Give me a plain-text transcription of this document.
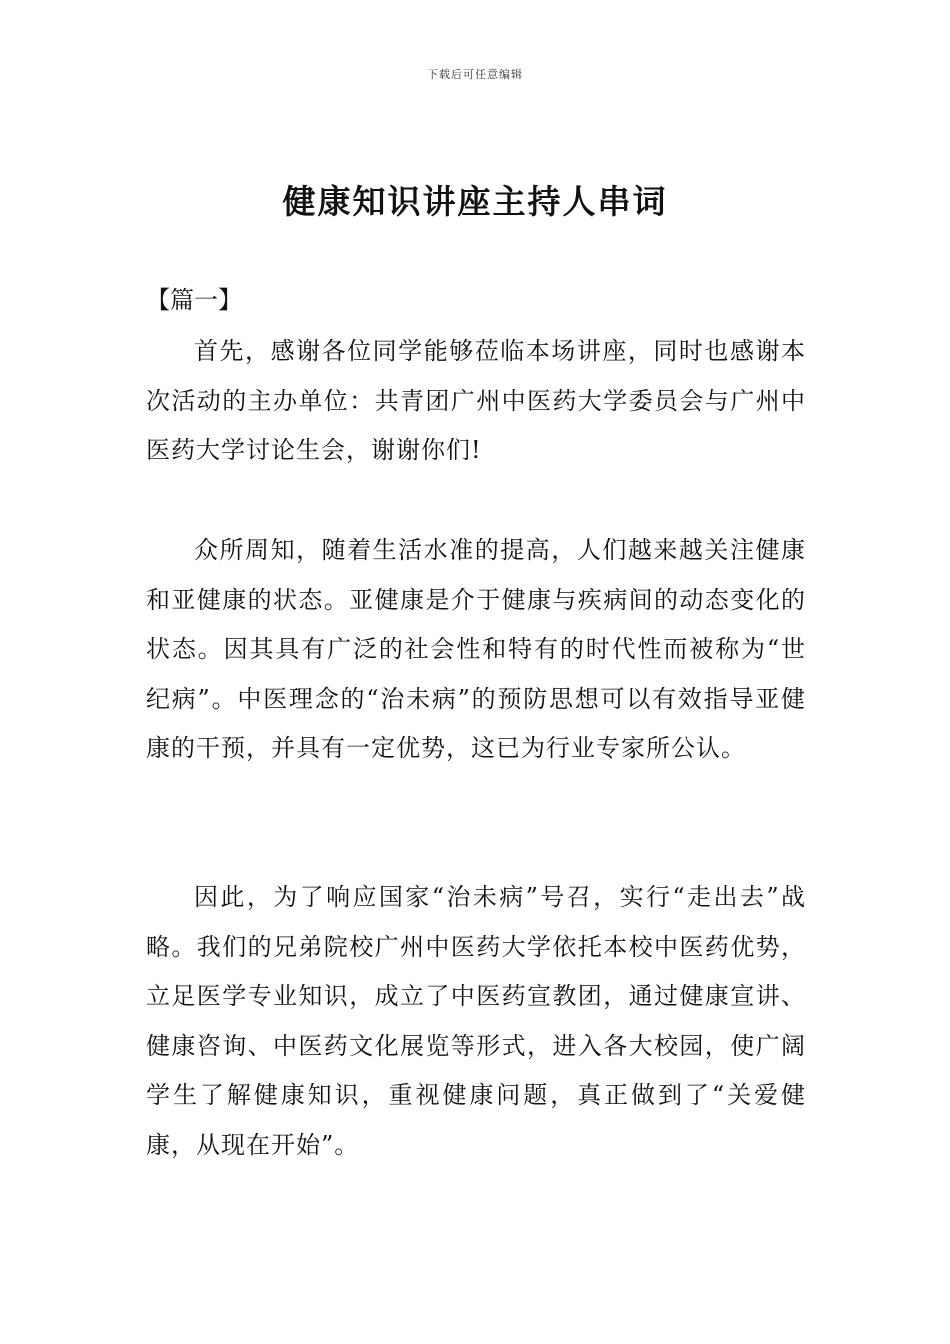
下载后可任意编辑
健康知识讲座主持人串词
【篇一】

首先，感谢各位同学能够莅临本场讲座，同时也感谢本次活动的主办单位：共青团广州中医药大学委员会与广州中医药大学讨论生会，谢谢你们!

众所周知，随着生活水准的提高，人们越来越关注健康和亚健康的状态。亚健康是介于健康与疾病间的动态变化的状态。因其具有广泛的社会性和特有的时代性而被称为“世纪病”。中医理念的“治未病”的预防思想可以有效指导亚健康的干预，并具有一定优势，这已为行业专家所公认。

因此，为了响应国家“治未病”号召，实行“走出去”战略。我们的兄弟院校广州中医药大学依托本校中医药优势，立足医学专业知识，成立了中医药宣教团，通过健康宣讲、健康咨询、中医药文化展览等形式，进入各大校园，使广阔学生了解健康知识，重视健康问题，真正做到了“关爱健康，从现在开始”。
